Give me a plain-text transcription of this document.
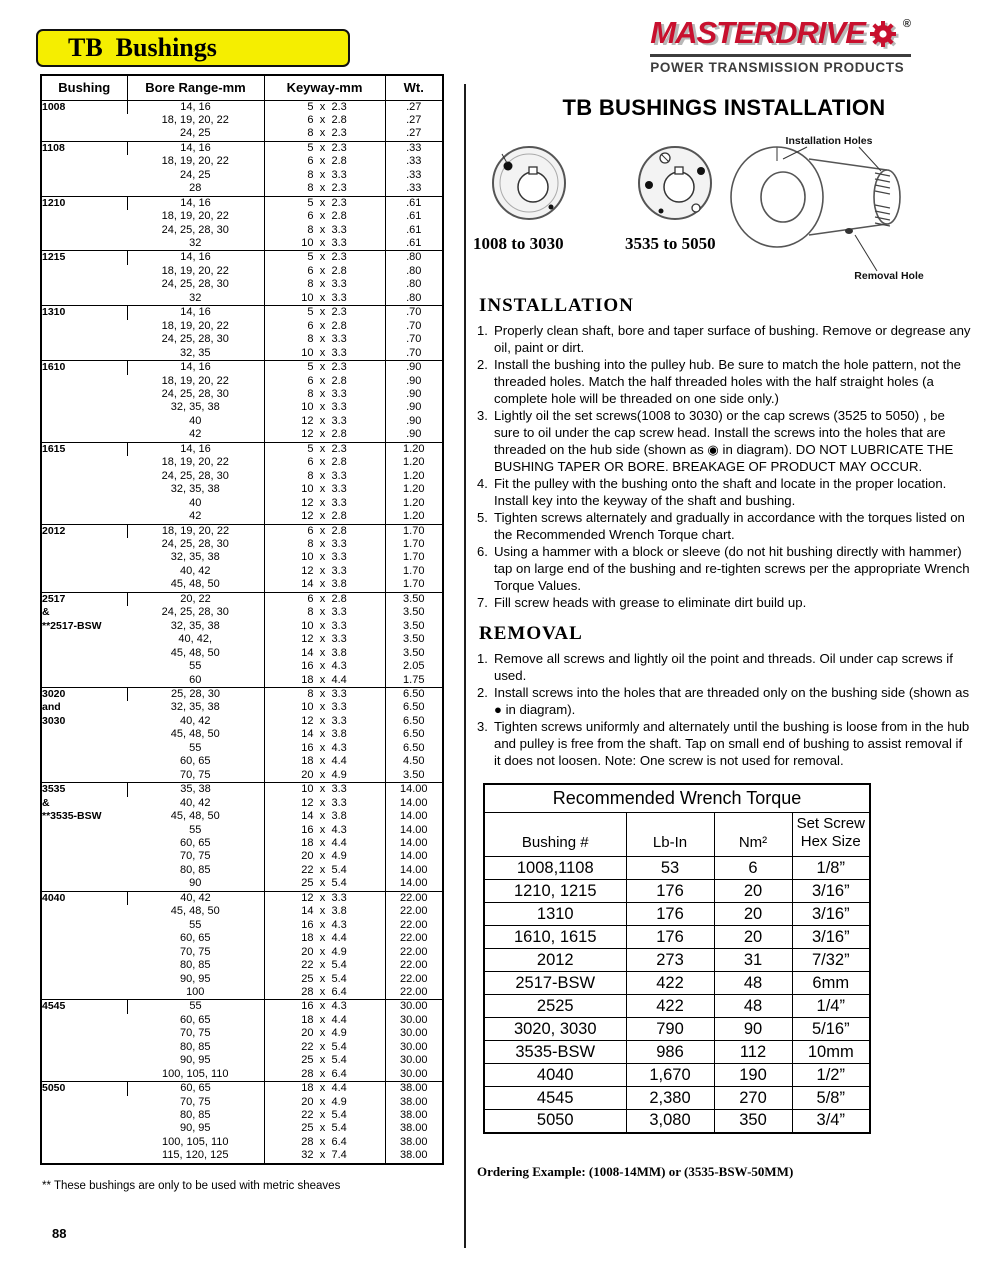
TB  Bushings	MASTERDRIVE	®
POWER TRANSMISSION PRODUCTS
Bushing	Bore Range-mm	Keyway-mm	Wt.

1008	14, 16	5 x 2.3	.27
	18, 19, 20, 22	6 x 2.8	.27
	24, 25	8 x 2.3	.27

1108	14, 16	5 x 2.3	.33
	18, 19, 20, 22	6 x 2.8	.33
	24, 25	8 x 3.3	.33
	28	8 x 2.3	.33

1210	14, 16	5 x 2.3	.61
	18, 19, 20, 22	6 x 2.8	.61
	24, 25, 28, 30	8 x 3.3	.61
	32	10 x 3.3	.61

1215	14, 16	5 x 2.3	.80
	18, 19, 20, 22	6 x 2.8	.80
	24, 25, 28, 30	8 x 3.3	.80
	32	10 x 3.3	.80

1310	14, 16	5 x 2.3	.70
	18, 19, 20, 22	6 x 2.8	.70
	24, 25, 28, 30	8 x 3.3	.70
	32, 35	10 x 3.3	.70

1610	14, 16	5 x 2.3	.90
	18, 19, 20, 22	6 x 2.8	.90
	24, 25, 28, 30	8 x 3.3	.90
	32, 35, 38	10 x 3.3	.90
	40	12 x 3.3	.90
	42	12 x 2.8	.90

1615	14, 16	5 x 2.3	1.20
	18, 19, 20, 22	6 x 2.8	1.20
	24, 25, 28, 30	8 x 3.3	1.20
	32, 35, 38	10 x 3.3	1.20
	40	12 x 3.3	1.20
	42	12 x 2.8	1.20

2012	18, 19, 20, 22	6 x 2.8	1.70
	24, 25, 28, 30	8 x 3.3	1.70
	32, 35, 38	10 x 3.3	1.70
	40, 42	12 x 3.3	1.70
	45, 48, 50	14 x 3.8	1.70

2517
&
**2517-BSW	20, 22	6 x 2.8	3.50
	24, 25, 28, 30	8 x 3.3	3.50
	32, 35, 38	10 x 3.3	3.50
	40, 42,	12 x 3.3	3.50
	45, 48, 50	14 x 3.8	3.50
	55	16 x 4.3	2.05
	60	18 x 4.4	1.75

3020
and
3030	25, 28, 30	8 x 3.3	6.50
	32, 35, 38	10 x 3.3	6.50
	40, 42	12 x 3.3	6.50
	45, 48, 50	14 x 3.8	6.50
	55	16 x 4.3	6.50
	60, 65	18 x 4.4	4.50
	70, 75	20 x 4.9	3.50

3535
&
**3535-BSW	35, 38	10 x 3.3	14.00
	40, 42	12 x 3.3	14.00
	45, 48, 50	14 x 3.8	14.00
	55	16 x 4.3	14.00
	60, 65	18 x 4.4	14.00
	70, 75	20 x 4.9	14.00
	80, 85	22 x 5.4	14.00
	90	25 x 5.4	14.00

4040	40, 42	12 x 3.3	22.00
	45, 48, 50	14 x 3.8	22.00
	55	16 x 4.3	22.00
	60, 65	18 x 4.4	22.00
	70, 75	20 x 4.9	22.00
	80, 85	22 x 5.4	22.00
	90, 95	25 x 5.4	22.00
	100	28 x 6.4	22.00

4545	55	16 x 4.3	30.00
	60, 65	18 x 4.4	30.00
	70, 75	20 x 4.9	30.00
	80, 85	22 x 5.4	30.00
	90, 95	25 x 5.4	30.00
	100, 105, 110	28 x 6.4	30.00

5050	60, 65	18 x 4.4	38.00
	70, 75	20 x 4.9	38.00
	80, 85	22 x 5.4	38.00
	90, 95	25 x 5.4	38.00
	100, 105, 110	28 x 6.4	38.00
	115, 120, 125	32 x 7.4	38.00
** These bushings are only to be used with metric sheaves
88
TB BUSHINGS INSTALLATION
Installation Holes
Removal Hole
1008 to 3030	3535 to 5050
INSTALLATION
1. Properly clean shaft, bore and taper surface of bushing. Remove or degrease any oil, paint or dirt.
2. Install the bushing into the pulley hub. Be sure to match the hole pattern, not the threaded holes. Match the half threaded holes with the half straight holes (a complete hole will be threaded on one side only.)
3. Lightly oil the set screws(1008 to 3030) or the cap screws (3525 to 5050) , be sure to oil under the cap screw head. Install the screws into the holes that are threaded on the hub side (shown as ◉ in diagram). DO NOT LUBRICATE THE BUSHING TAPER OR BORE. BREAKAGE OF PRODUCT MAY OCCUR.
4. Fit the pulley with the bushing onto the shaft and locate in the proper location. Install key into the keyway of the shaft and bushing.
5. Tighten screws alternately and gradually in accordance with the torques listed on the Recommended Wrench Torque chart.
6. Using a hammer with a block or sleeve (do not hit bushing directly with hammer) tap on large end of the bushing and re-tighten screws per the appropriate Wrench Torque Values.
7. Fill screw heads with grease to eliminate dirt build up.
REMOVAL
1. Remove all screws and lightly oil the point and threads. Oil under cap screws if used.
2. Install screws into the holes that are threaded only on the bushing side (shown as ● in diagram).
3. Tighten screws uniformly and alternately until the bushing is loose from in the hub and pulley is free from the shaft. Tap on small end of bushing to assist removal if it does not loosen. Note: One screw is not used for removal.
Recommended Wrench Torque			
Bushing #	Lb-In	Nm²	Set Screw
Hex Size

1008,1108	53	6	1/8”
1210, 1215	176	20	3/16”
1310	176	20	3/16”
1610, 1615	176	20	3/16”
2012	273	31	7/32”
2517-BSW	422	48	6mm
2525	422	48	1/4”
3020, 3030	790	90	5/16”
3535-BSW	986	112	10mm
4040	1,670	190	1/2”
4545	2,380	270	5/8”
5050	3,080	350	3/4”
Ordering Example: (1008-14MM) or (3535-BSW-50MM)
